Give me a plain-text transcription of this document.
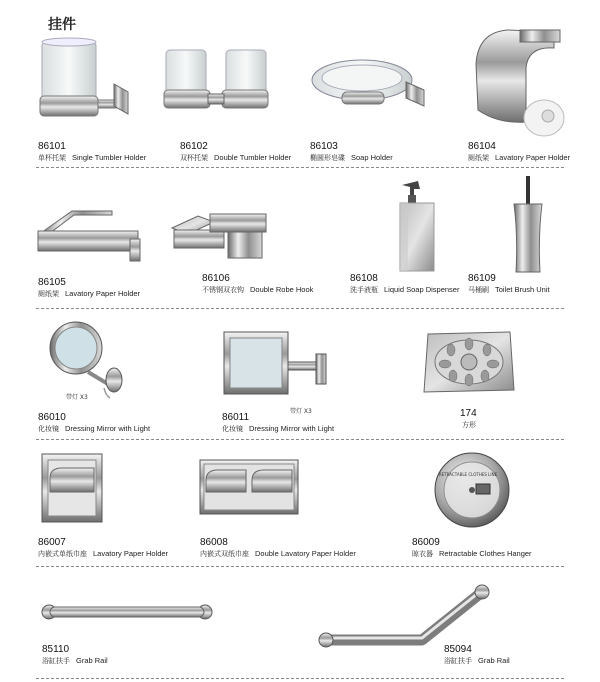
挂件
86101
单杯托架 Single Tumbler Holder
86102
双杯托架 Double Tumbler Holder
86103
椭圆形皂碟 Soap Holder
86104
厕纸架 Lavatory Paper Holder
86105
厕纸架 Lavatory Paper Holder
86106
不锈钢双衣钩 Double Robe Hook
86108
洗手液瓶 Liquid Soap Dispenser
86109
马桶刷 Toilet Brush Unit
带灯 X3
带灯 X3
86010
化妆镜 Dressing Mirror with Light
86011
化妆镜 Dressing Mirror with Light
174
方形
RETRACTABLE CLOTHES LINE
86007
内嵌式单纸巾座 Lavatory Paper Holder
86008
内嵌式双纸巾座 Double Lavatory Paper Holder
86009
晾衣器 Retractable Clothes Hanger
85110
浴缸扶手 Grab Rail
85094
浴缸扶手 Grab Rail
